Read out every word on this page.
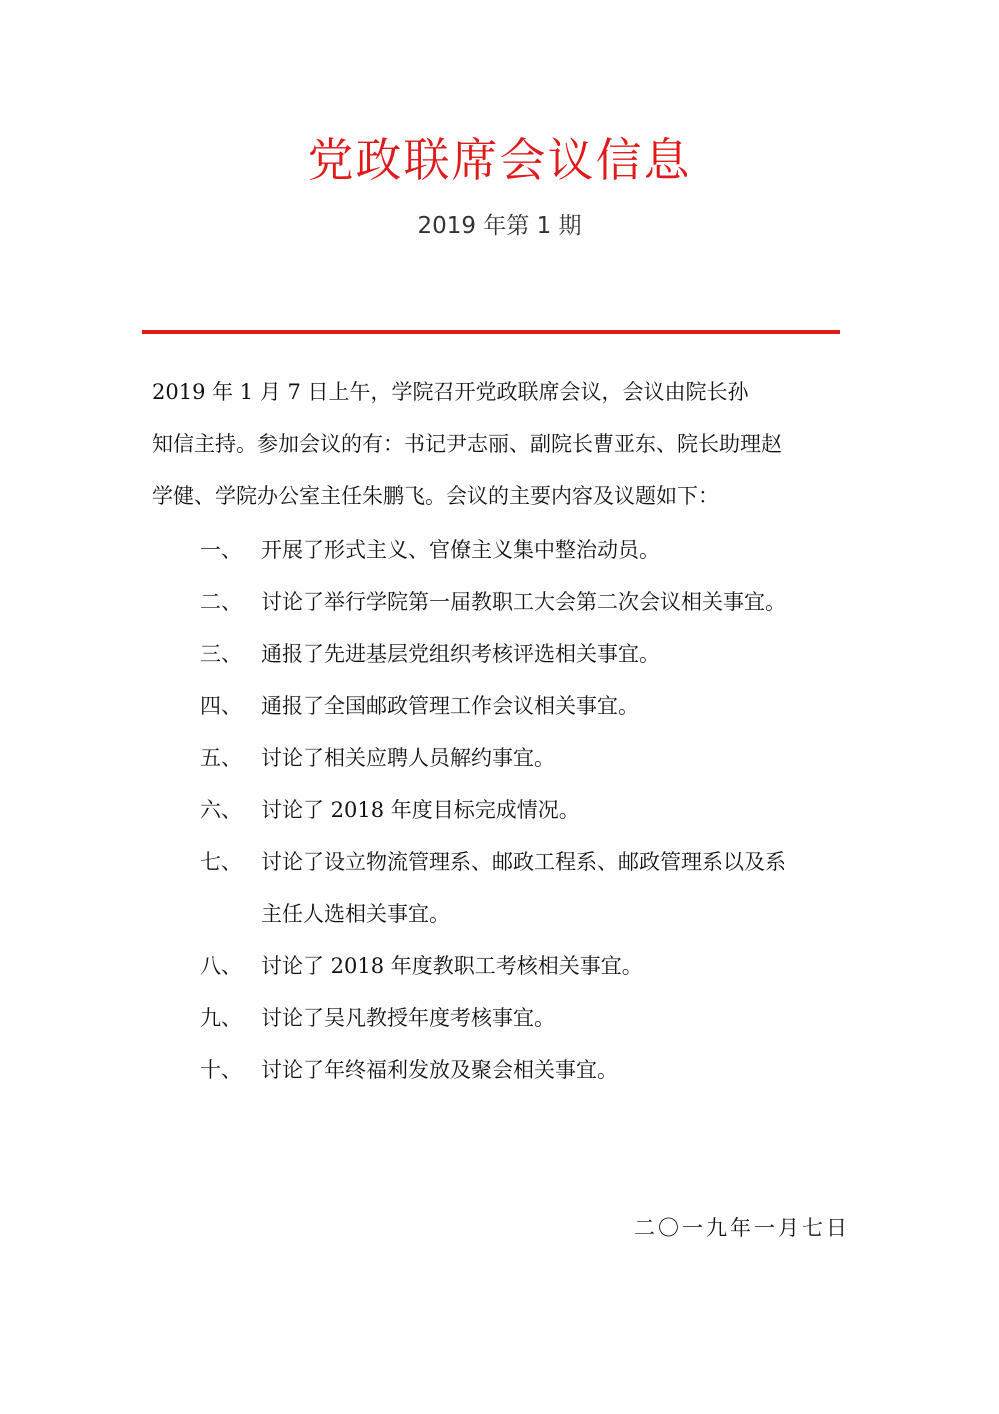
党政联席会议信息
2019 年第 1 期
2019 年 1 月 7 日上午，学院召开党政联席会议，会议由院长孙
知信主持。参加会议的有：书记尹志丽、副院长曹亚东、院长助理赵
学健、学院办公室主任朱鹏飞。会议的主要内容及议题如下：
一、 开展了形式主义、官僚主义集中整治动员。
二、 讨论了举行学院第一届教职工大会第二次会议相关事宜。
三、 通报了先进基层党组织考核评选相关事宜。
四、 通报了全国邮政管理工作会议相关事宜。
五、 讨论了相关应聘人员解约事宜。
六、 讨论了 2018 年度目标完成情况。
七、 讨论了设立物流管理系、邮政工程系、邮政管理系以及系
主任人选相关事宜。
八、 讨论了 2018 年度教职工考核相关事宜。
九、 讨论了吴凡教授年度考核事宜。
十、 讨论了年终福利发放及聚会相关事宜。
二〇一九年一月七日
